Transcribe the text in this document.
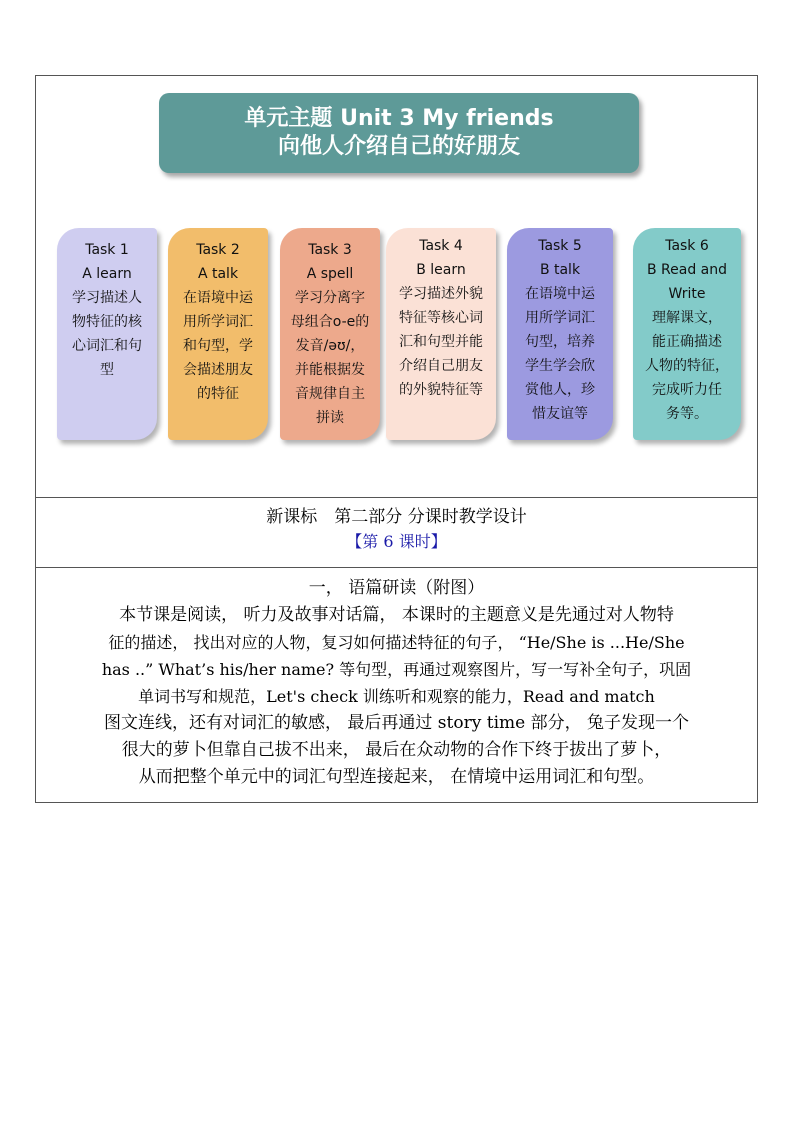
单元主题 Unit 3 My friends
向他人介绍自己的好朋友
Task 1
A learn
学习描述人
物特征的核
心词汇和句
型
Task 2
A talk
在语境中运
用所学词汇
和句型，学
会描述朋友
的特征
Task 3
A spell
学习分离字
母组合o-e的
发音/əʊ/，
并能根据发
音规律自主
拼读
Task 4
B learn
学习描述外貌
特征等核心词
汇和句型并能
介绍自己朋友
的外貌特征等
Task 5
B talk
在语境中运
用所学词汇
句型，培养
学生学会欣
赏他人，珍
惜友谊等
Task 6
B Read and
Write
理解课文，
能正确描述
人物的特征，
完成听力任
务等。
新课标　第二部分 分课时教学设计
【第 6 课时】
一， 语篇研读（附图）
本节课是阅读， 听力及故事对话篇， 本课时的主题意义是先通过对人物特
征的描述， 找出对应的人物，复习如何描述特征的句子， “He/She is ...He/She
has ..” What’s his/her name? 等句型，再通过观察图片，写一写补全句子，巩固
单词书写和规范，Let's check 训练听和观察的能力，Read and match
图文连线，还有对词汇的敏感， 最后再通过 story time 部分， 兔子发现一个
很大的萝卜但靠自己拔不出来， 最后在众动物的合作下终于拔出了萝卜，
从而把整个单元中的词汇句型连接起来， 在情境中运用词汇和句型。
